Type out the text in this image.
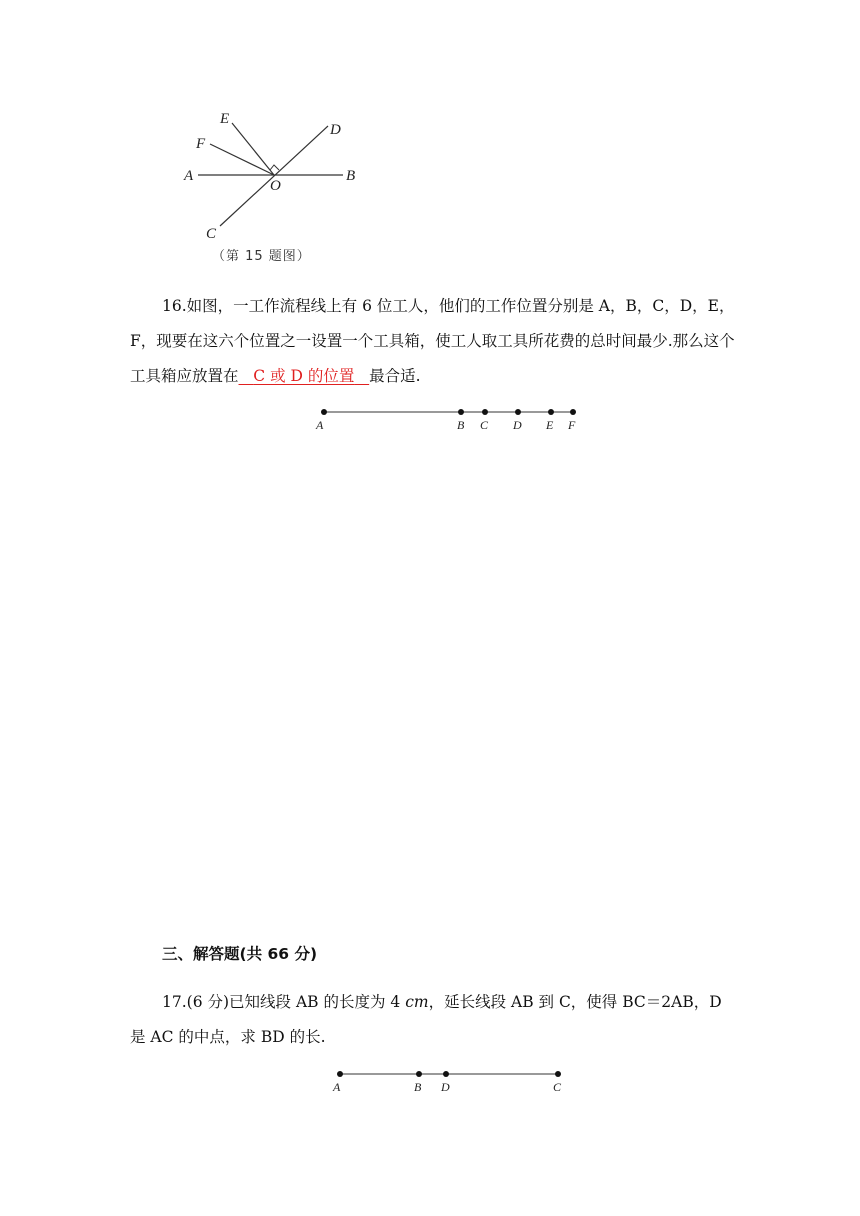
E
D
F
A
O
B
C
（第 15 题图）
16.如图，一工作流程线上有 6 位工人，他们的工作位置分别是 A，B，C，D，E，F，现要在这六个位置之一设置一个工具箱，使工人取工具所花费的总时间最少.那么这个工具箱应放置在 C 或 D 的位置 最合适.
A	B C D E F
三、解答题(共 66 分)
17.(6 分)已知线段 AB 的长度为 4 cm，延长线段 AB 到 C，使得 BC＝2AB，D 是 AC 的中点，求 BD 的长.
A	B D	C
